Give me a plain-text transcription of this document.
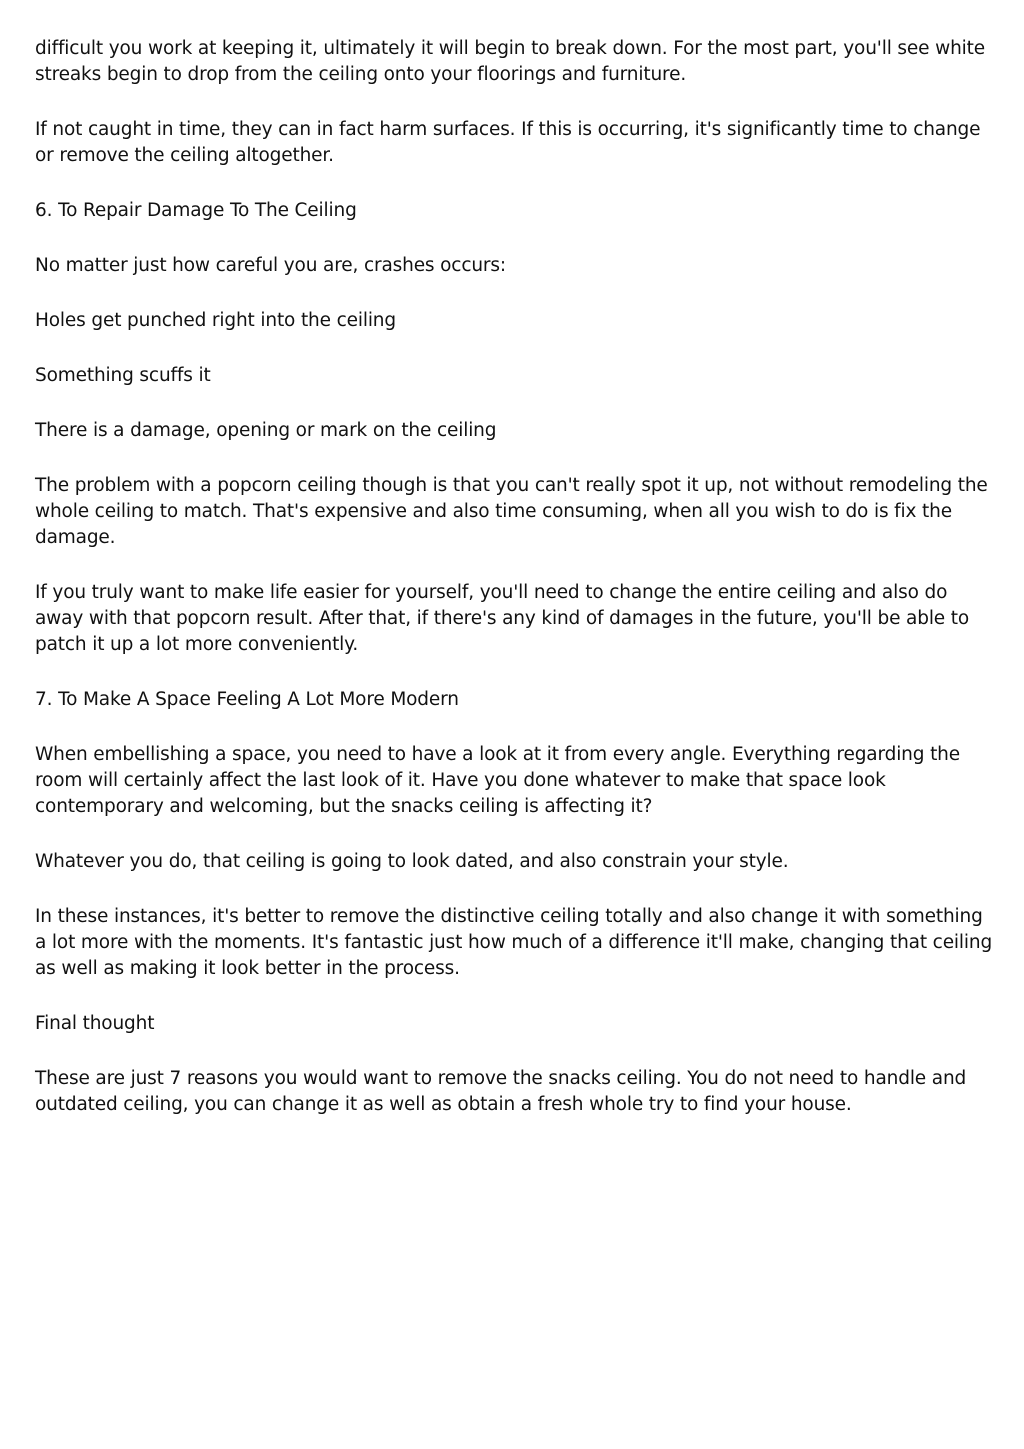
difficult you work at keeping it, ultimately it will begin to break down. For the most part, you'll see white streaks begin to drop from the ceiling onto your floorings and furniture.

If not caught in time, they can in fact harm surfaces. If this is occurring, it's significantly time to change or remove the ceiling altogether.

6. To Repair Damage To The Ceiling

No matter just how careful you are, crashes occurs:

Holes get punched right into the ceiling

Something scuffs it

There is a damage, opening or mark on the ceiling

The problem with a popcorn ceiling though is that you can't really spot it up, not without remodeling the whole ceiling to match. That's expensive and also time consuming, when all you wish to do is fix the damage.

If you truly want to make life easier for yourself, you'll need to change the entire ceiling and also do away with that popcorn result. After that, if there's any kind of damages in the future, you'll be able to patch it up a lot more conveniently.

7. To Make A Space Feeling A Lot More Modern

When embellishing a space, you need to have a look at it from every angle. Everything regarding the room will certainly affect the last look of it. Have you done whatever to make that space look contemporary and welcoming, but the snacks ceiling is affecting it?

Whatever you do, that ceiling is going to look dated, and also constrain your style.

In these instances, it's better to remove the distinctive ceiling totally and also change it with something a lot more with the moments. It's fantastic just how much of a difference it'll make, changing that ceiling as well as making it look better in the process.

Final thought

These are just 7 reasons you would want to remove the snacks ceiling. You do not need to handle and outdated ceiling, you can change it as well as obtain a fresh whole try to find your house.
